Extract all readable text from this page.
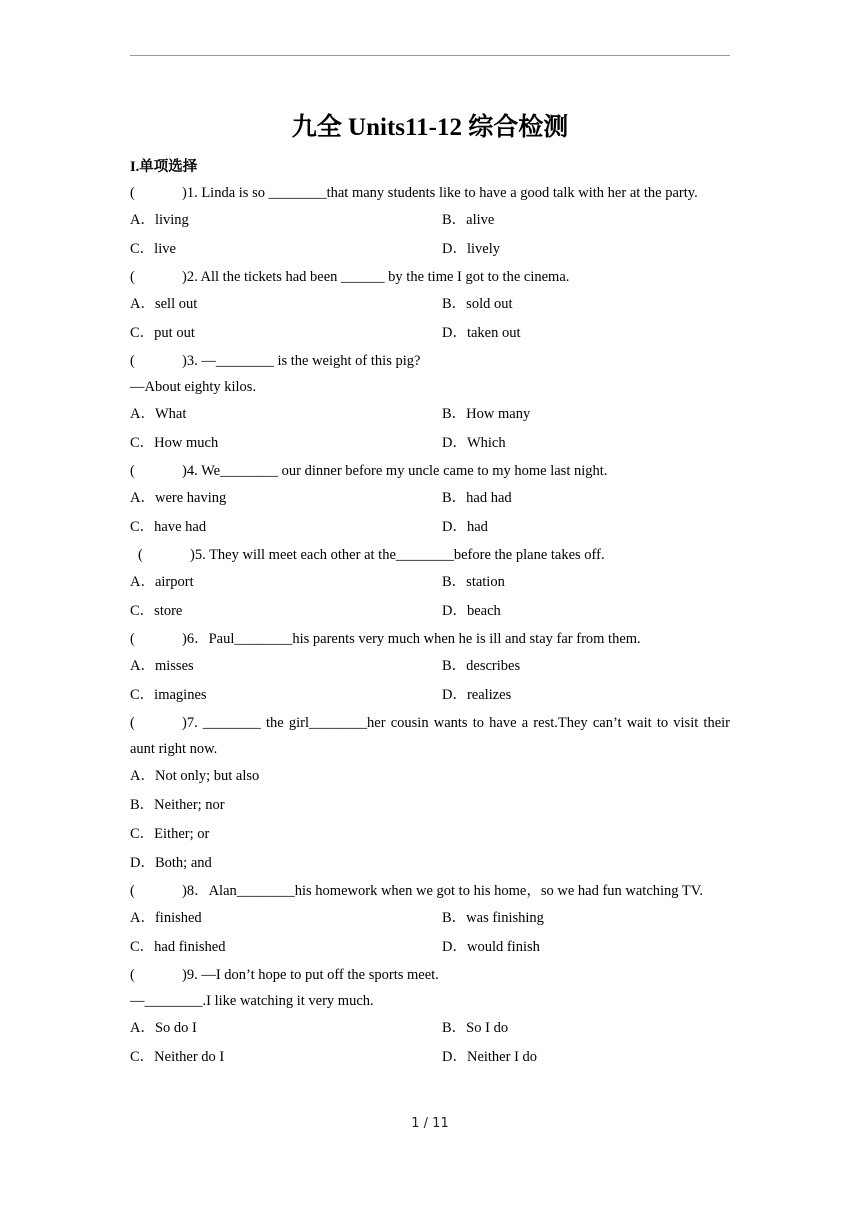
九全 Units11-12 综合检测
I.单项选择
(	)1. Linda is so ________that many students like to have a good talk with her at the party.
A．living	B．alive
C．live	D．lively
(	)2. All the tickets had been ______ by the time I got to the cinema.
A．sell out	B．sold out
C．put out	D．taken out
(	)3. —________ is the weight of this pig?
—About eighty kilos.
A．What	B．How many
C．How much	D．Which
(	)4. We________ our dinner before my uncle came to my home last night.
A．were having	B．had had
C．have had	D．had
(	)5. They will meet each other at the________before the plane takes off.
A．airport	B．station
C．store	D．beach
(	)6．Paul________his parents very much when he is ill and stay far from them.
A．misses	B．describes
C．imagines	D．realizes
(	)7. ________ the girl________her cousin wants to have a rest.They can’t wait to visit their aunt right now.
A．Not only; but also
B．Neither; nor
C．Either; or
D．Both; and
(	)8．Alan________his homework when we got to his home，so we had fun watching TV.
A．finished	B．was finishing
C．had finished	D．would finish
(	)9. —I don’t hope to put off the sports meet.
—________.I like watching it very much.
A．So do I	B．So I do
C．Neither do I	D．Neither I do
1 / 11
